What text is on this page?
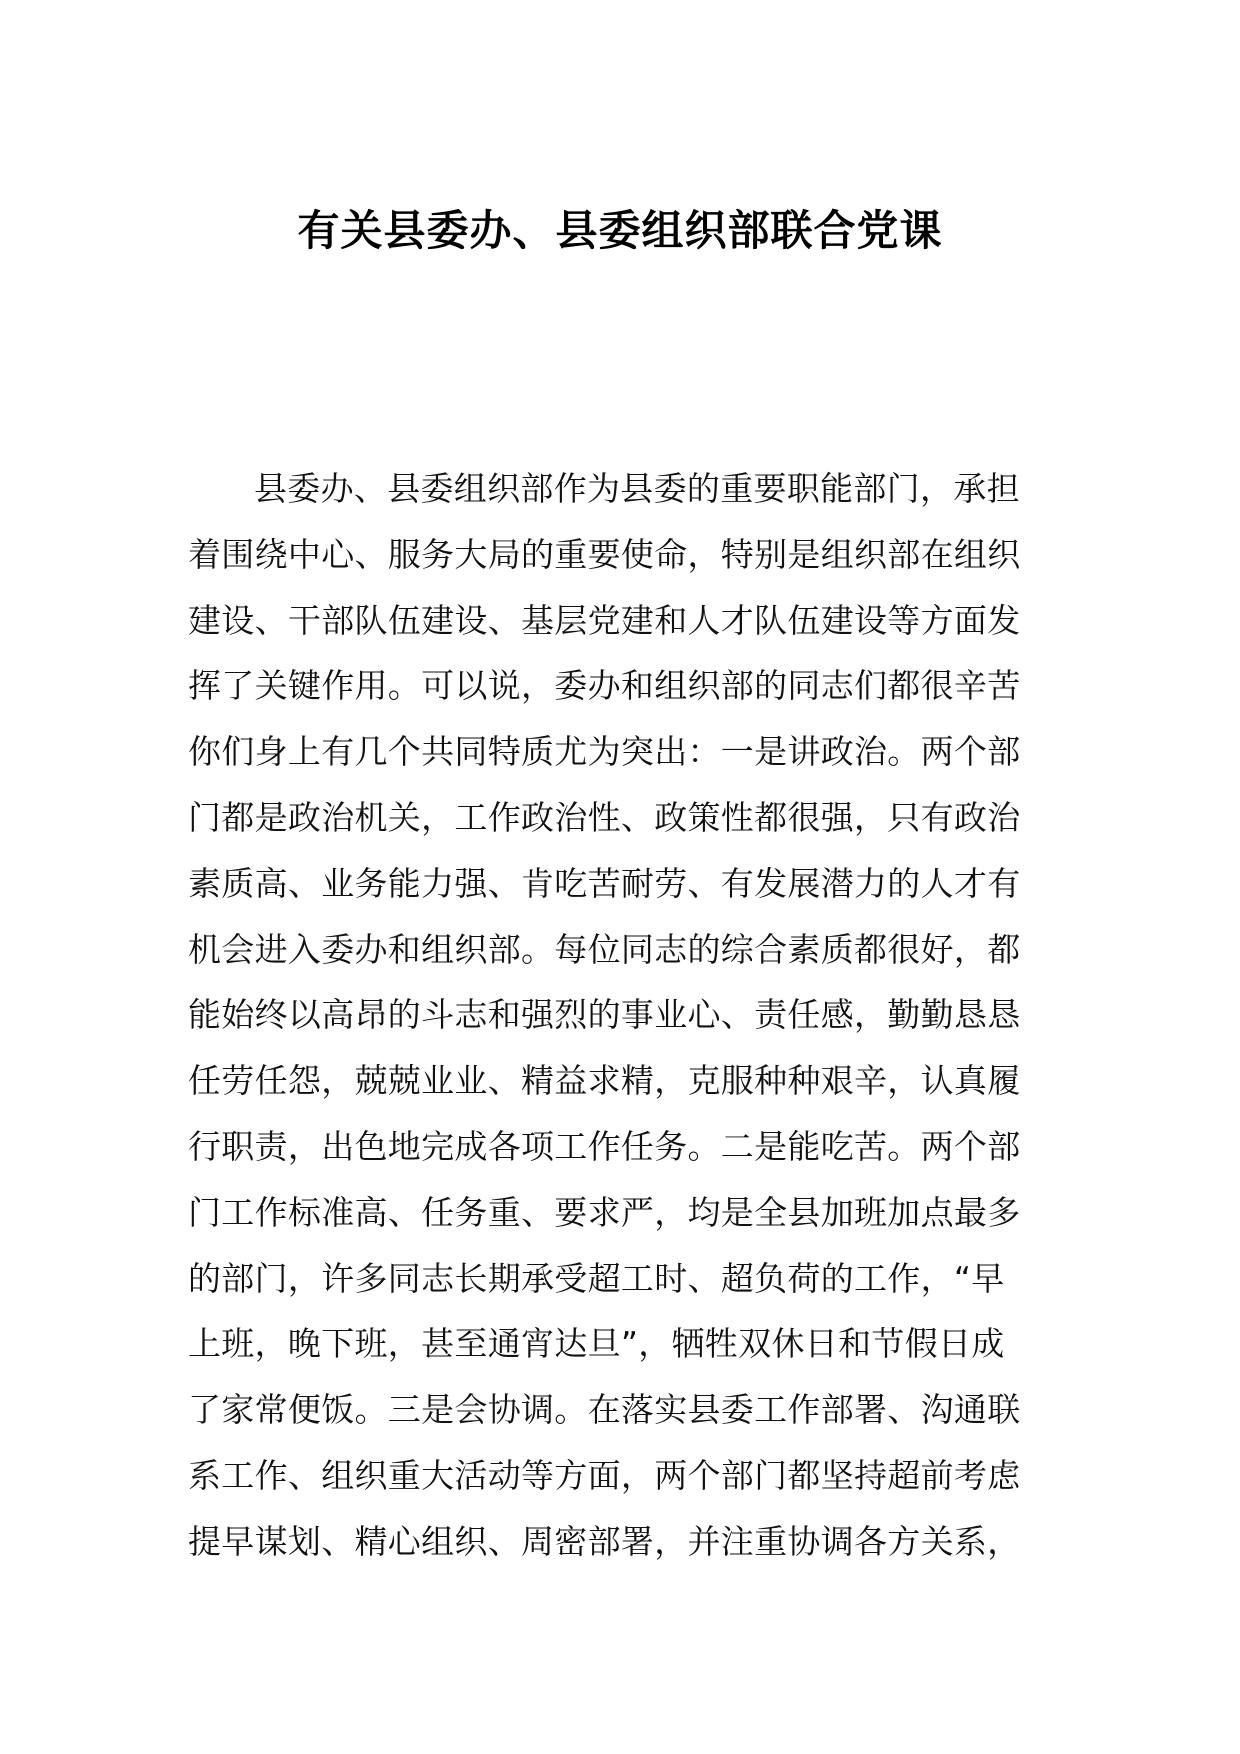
有关县委办、县委组织部联合党课
县委办、县委组织部作为县委的重要职能部门，承担
着围绕中心、服务大局的重要使命，特别是组织部在组织
建设、干部队伍建设、基层党建和人才队伍建设等方面发
挥了关键作用。可以说，委办和组织部的同志们都很辛苦
你们身上有几个共同特质尤为突出：一是讲政治。两个部
门都是政治机关，工作政治性、政策性都很强，只有政治
素质高、业务能力强、肯吃苦耐劳、有发展潜力的人才有
机会进入委办和组织部。每位同志的综合素质都很好，都
能始终以高昂的斗志和强烈的事业心、责任感，勤勤恳恳
任劳任怨，兢兢业业、精益求精，克服种种艰辛，认真履
行职责，出色地完成各项工作任务。二是能吃苦。两个部
门工作标准高、任务重、要求严，均是全县加班加点最多
的部门，许多同志长期承受超工时、超负荷的工作，“早
上班，晚下班，甚至通宵达旦”，牺牲双休日和节假日成
了家常便饭。三是会协调。在落实县委工作部署、沟通联
系工作、组织重大活动等方面，两个部门都坚持超前考虑
提早谋划、精心组织、周密部署，并注重协调各方关系，
